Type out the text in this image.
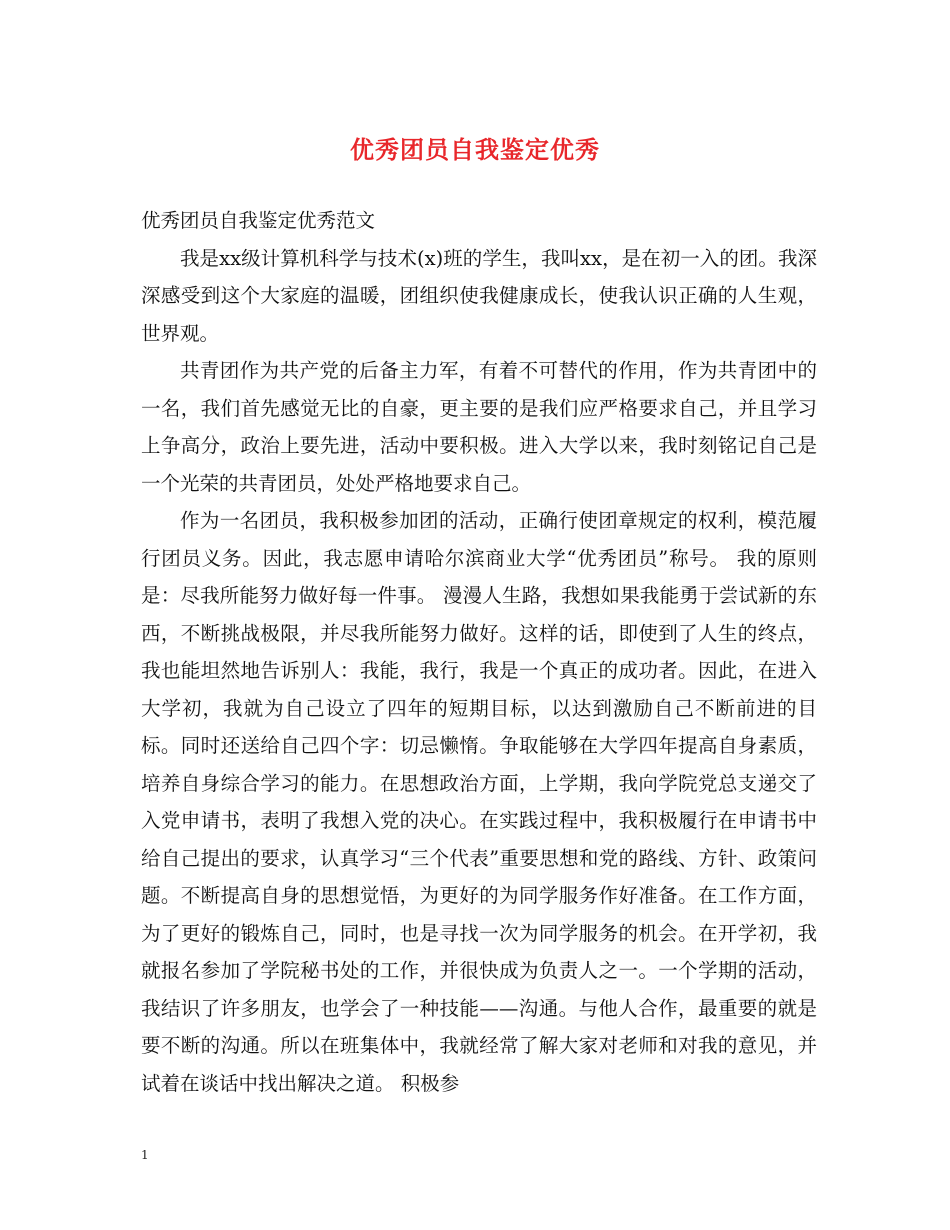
优秀团员自我鉴定优秀

优秀团员自我鉴定优秀范文

我是xx级计算机科学与技术(x)班的学生，我叫xx，是在初一入的团。我深深感受到这个大家庭的温暖，团组织使我健康成长，使我认识正确的人生观，世界观。

共青团作为共产党的后备主力军，有着不可替代的作用，作为共青团中的一名，我们首先感觉无比的自豪，更主要的是我们应严格要求自己，并且学习上争高分，政治上要先进，活动中要积极。进入大学以来，我时刻铭记自己是一个光荣的共青团员，处处严格地要求自己。

作为一名团员，我积极参加团的活动，正确行使团章规定的权利，模范履行团员义务。因此，我志愿申请哈尔滨商业大学“优秀团员”称号。 我的原则是：尽我所能努力做好每一件事。 漫漫人生路，我想如果我能勇于尝试新的东西，不断挑战极限，并尽我所能努力做好。这样的话，即使到了人生的终点，我也能坦然地告诉别人：我能，我行，我是一个真正的成功者。因此，在进入大学初，我就为自己设立了四年的短期目标，以达到激励自己不断前进的目标。同时还送给自己四个字：切忌懒惰。争取能够在大学四年提高自身素质，培养自身综合学习的能力。在思想政治方面，上学期，我向学院党总支递交了入党申请书，表明了我想入党的决心。在实践过程中，我积极履行在申请书中给自己提出的要求，认真学习“三个代表”重要思想和党的路线、方针、政策问题。不断提高自身的思想觉悟，为更好的为同学服务作好准备。在工作方面，为了更好的锻炼自己，同时，也是寻找一次为同学服务的机会。在开学初，我就报名参加了学院秘书处的工作，并很快成为负责人之一。一个学期的活动，我结识了许多朋友，也学会了一种技能——沟通。与他人合作，最重要的就是要不断的沟通。所以在班集体中，我就经常了解大家对老师和对我的意见，并试着在谈话中找出解决之道。 积极参

1
